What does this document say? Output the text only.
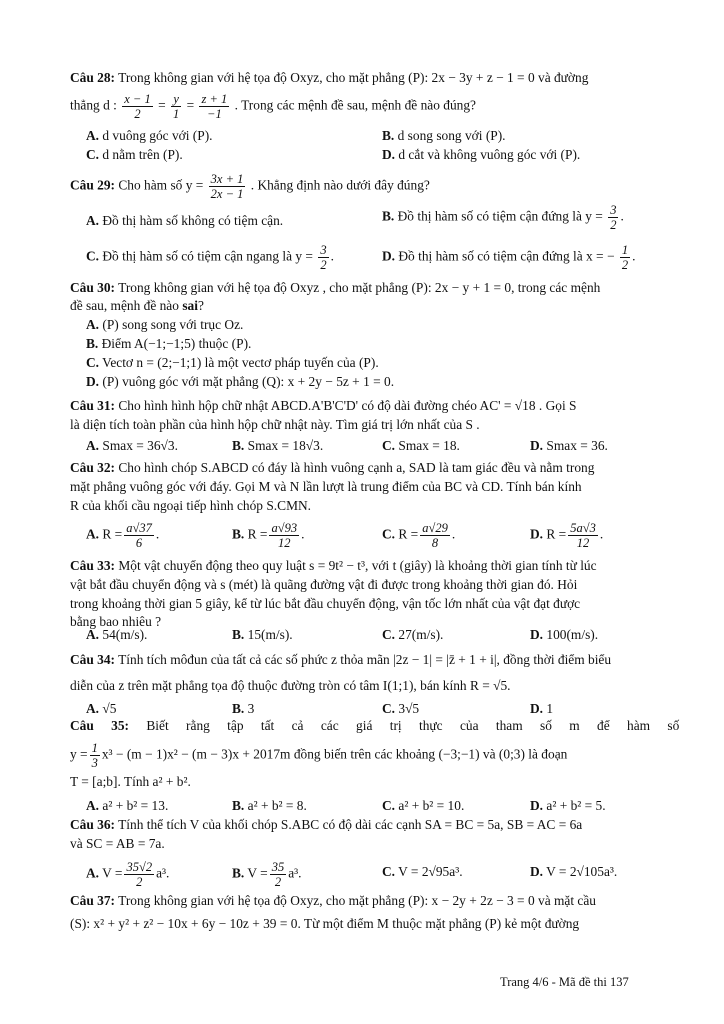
Câu 28: Trong không gian với hệ tọa độ Oxyz, cho mặt phẳng (P): 2x − 3y + z − 1 = 0 và đường
thẳng d : $\frac{x - 1}{2} = \frac{y}{1} = \frac{z + 1}{-1}$ . Trong các mệnh đề sau, mệnh đề nào đúng?
A. d vuông góc với (P).	B. d song song với (P).
C. d nằm trên (P).	D. d cắt và không vuông góc với (P).
Câu 29: Cho hàm số $y = \frac{3x + 1}{2x - 1}$ . Khẳng định nào dưới đây đúng?
A. Đồ thị hàm số không có tiệm cận.	B. Đồ thị hàm số có tiệm cận đứng là $y = \frac{3}{2}$ .
C. Đồ thị hàm số có tiệm cận ngang là $y = \frac{3}{2}$ .	D. Đồ thị hàm số có tiệm cận đứng là x = − $\frac{1}{2}$ .
Câu 30: Trong không gian với hệ tọa độ Oxyz , cho mặt phẳng (P): 2x − y + 1 = 0, trong các mệnh
đề sau, mệnh đề nào sai?
A. (P) song song với trục Oz.
B. Điểm A(−1;−1;5) thuộc (P).
C. Vectơ n = (2;−1;1) là một vectơ pháp tuyến của (P).
D. (P) vuông góc với mặt phẳng (Q): x + 2y − 5z + 1 = 0.
Câu 31: Cho hình hình hộp chữ nhật ABCD.A'B'C'D' có độ dài đường chéo AC' = √18 . Gọi S
là diện tích toàn phần của hình hộp chữ nhật này. Tìm giá trị lớn nhất của S .
A. Smax = 36√3.	B. Smax = 18√3.	C. Smax = 18.	D. Smax = 36.
Câu 32: Cho hình chóp S.ABCD có đáy là hình vuông cạnh a, SAD là tam giác đều và nằm trong
mặt phẳng vuông góc với đáy. Gọi M và N lần lượt là trung điểm của BC và CD. Tính bán kính
R của khối cầu ngoại tiếp hình chóp S.CMN.
A. $R = \frac{a√37}{6}$ .	B. $R = \frac{a√93}{12}$ .	C. $R = \frac{a√29}{8}$ .	D. $R = \frac{5a√3}{12}$ .
Câu 33: Một vật chuyển động theo quy luật s = 9t² − t³, với t (giây) là khoảng thời gian tính từ lúc
vật bắt đầu chuyển động và s (mét) là quãng đường vật đi được trong khoảng thời gian đó. Hỏi
trong khoảng thời gian 5 giây, kể từ lúc bắt đầu chuyển động, vận tốc lớn nhất của vật đạt được
bằng bao nhiêu ?
A. 54(m/s).	B. 15(m/s).	C. 27(m/s).	D. 100(m/s).
Câu 34: Tính tích môđun của tất cả các số phức z thỏa mãn |2z − 1| = |z̄ + 1 + i|, đồng thời điểm biểu
diễn của z trên mặt phẳng tọa độ thuộc đường tròn có tâm I(1;1), bán kính R = √5.
A. √5	B. 3	C. 3√5	D. 1
Câu 35: Biết rằng tập tất cả các giá trị thực của tham số m để hàm số
$y = \frac{1}{3} x^3 - (m - 1)x^2 - (m - 3)x + 2017m$ đồng biến trên các khoảng (−3;−1) và (0;3) là đoạn
T = [a;b]. Tính a² + b².
A. a² + b² = 13.	B. a² + b² = 8.	C. a² + b² = 10.	D. a² + b² = 5.
Câu 36: Tính thể tích V của khối chóp S.ABC có độ dài các cạnh SA = BC = 5a, SB = AC = 6a
và SC = AB = 7a.
A. $V = \frac{35√2}{2} a^3$.	B. $V = \frac{35}{2} a^3$.	C. V = 2√95a³.	D. V = 2√105a³.
Câu 37: Trong không gian với hệ tọa độ Oxyz, cho mặt phẳng (P): x − 2y + 2z − 3 = 0 và mặt cầu
(S): x² + y² + z² − 10x + 6y − 10z + 39 = 0. Từ một điểm M thuộc mặt phẳng (P) kẻ một đường
Trang 4/6 - Mã đề thi 137
